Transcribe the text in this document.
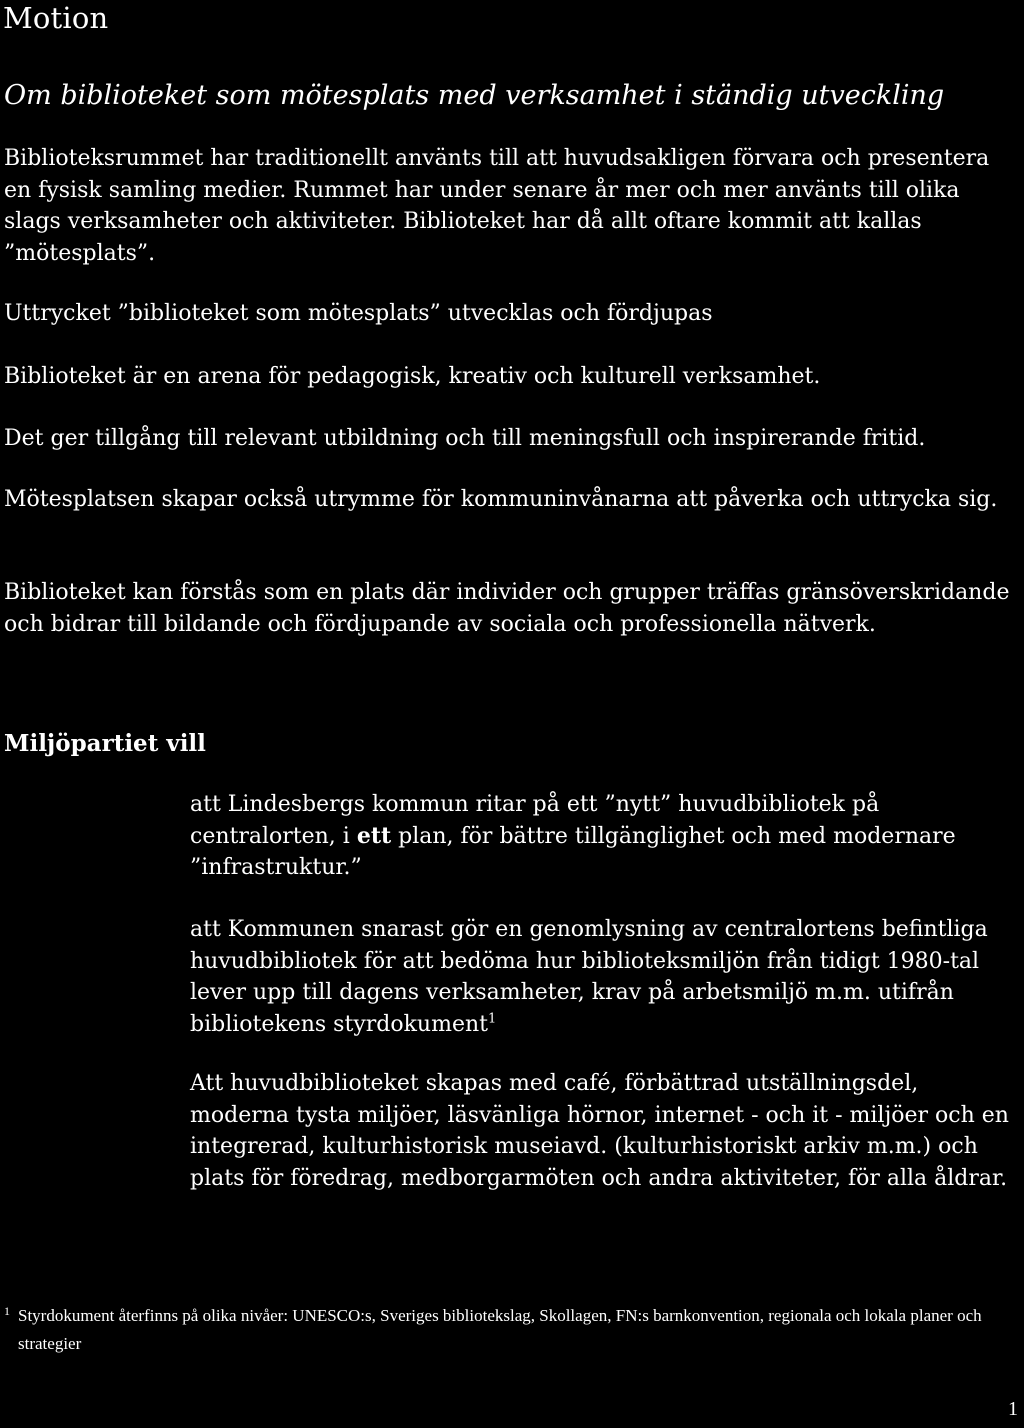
Motion
Om biblioteket som mötesplats med verksamhet i ständig utveckling

Biblioteksrummet har traditionellt använts till att huvudsakligen förvara och presentera en fysisk samling medier. Rummet har under senare år mer och mer använts till olika slags verksamheter och aktiviteter. Biblioteket har då allt oftare kommit att kallas ”mötesplats”.

Uttrycket ”biblioteket som mötesplats” utvecklas och fördjupas

Biblioteket är en arena för pedagogisk, kreativ och kulturell verksamhet.

Det ger tillgång till relevant utbildning och till meningsfull och inspirerande fritid.

Mötesplatsen skapar också utrymme för kommuninvånarna att påverka och uttrycka sig.

Biblioteket kan förstås som en plats där individer och grupper träffas gränsöverskridande och bidrar till bildande och fördjupande av sociala och professionella nätverk.

Miljöpartiet vill

att Lindesbergs kommun ritar på ett ”nytt” huvudbibliotek på centralorten, i ett plan, för bättre tillgänglighet och med modernare ”infrastruktur.”

att Kommunen snarast gör en genomlysning av centralortens befintliga huvudbibliotek för att bedöma hur biblioteksmiljön från tidigt 1980-tal lever upp till dagens verksamheter, krav på arbetsmiljö m.m. utifrån bibliotekens styrdokument$^1$

Att huvudbiblioteket skapas med café, förbättrad utställningsdel, moderna tysta miljöer, läsvänliga hörnor, internet - och it - miljöer och en integrerad, kulturhistorisk museiavd. (kulturhistoriskt arkiv m.m.) och plats för föredrag, medborgarmöten och andra aktiviteter, för alla åldrar.

1 Styrdokument återfinns på olika nivåer: UNESCO:s, Sveriges bibliotekslag, Skollagen, FN:s barnkonvention, regionala och lokala planer och strategier
1
